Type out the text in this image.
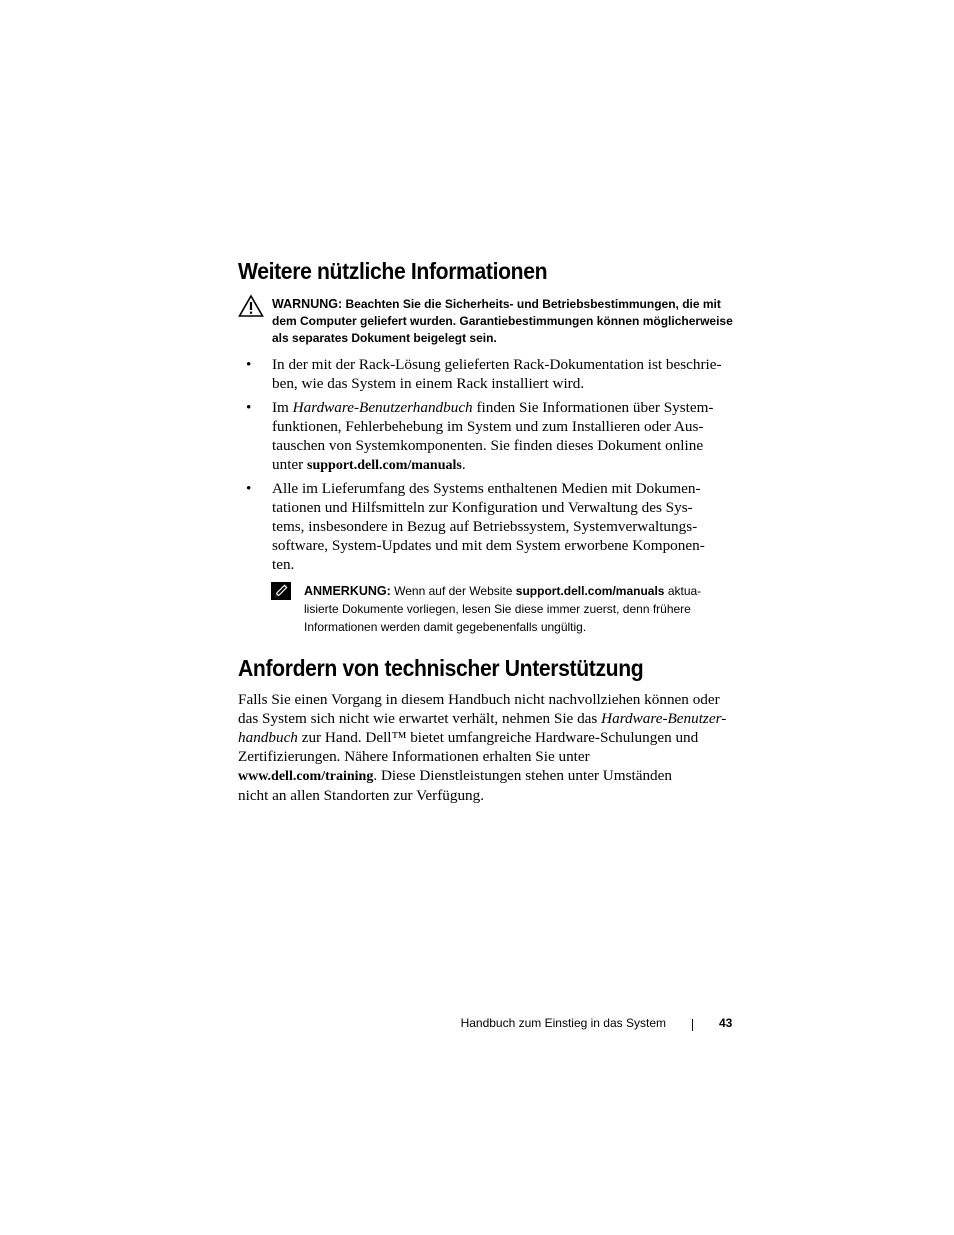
Weitere nützliche Informationen
WARNUNG: Beachten Sie die Sicherheits- und Betriebsbestimmungen, die mit
dem Computer geliefert wurden. Garantiebestimmungen können möglicherweise
als separates Dokument beigelegt sein.
• In der mit der Rack-Lösung gelieferten Rack-Dokumentation ist beschrie-
ben, wie das System in einem Rack installiert wird.
• Im Hardware-Benutzerhandbuch finden Sie Informationen über System-
funktionen, Fehlerbehebung im System und zum Installieren oder Aus-
tauschen von Systemkomponenten. Sie finden dieses Dokument online
unter support.dell.com/manuals.
• Alle im Lieferumfang des Systems enthaltenen Medien mit Dokumen-
tationen und Hilfsmitteln zur Konfiguration und Verwaltung des Sys-
tems, insbesondere in Bezug auf Betriebssystem, Systemverwaltungs-
software, System-Updates und mit dem System erworbene Komponen-
ten.
ANMERKUNG: Wenn auf der Website support.dell.com/manuals aktua-
lisierte Dokumente vorliegen, lesen Sie diese immer zuerst, denn frühere
Informationen werden damit gegebenenfalls ungültig.
Anfordern von technischer Unterstützung
Falls Sie einen Vorgang in diesem Handbuch nicht nachvollziehen können oder
das System sich nicht wie erwartet verhält, nehmen Sie das Hardware-Benutzer-
handbuch zur Hand. Dell™ bietet umfangreiche Hardware-Schulungen und
Zertifizierungen. Nähere Informationen erhalten Sie unter
www.dell.com/training. Diese Dienstleistungen stehen unter Umständen
nicht an allen Standorten zur Verfügung.
Handbuch zum Einstieg in das System	43
